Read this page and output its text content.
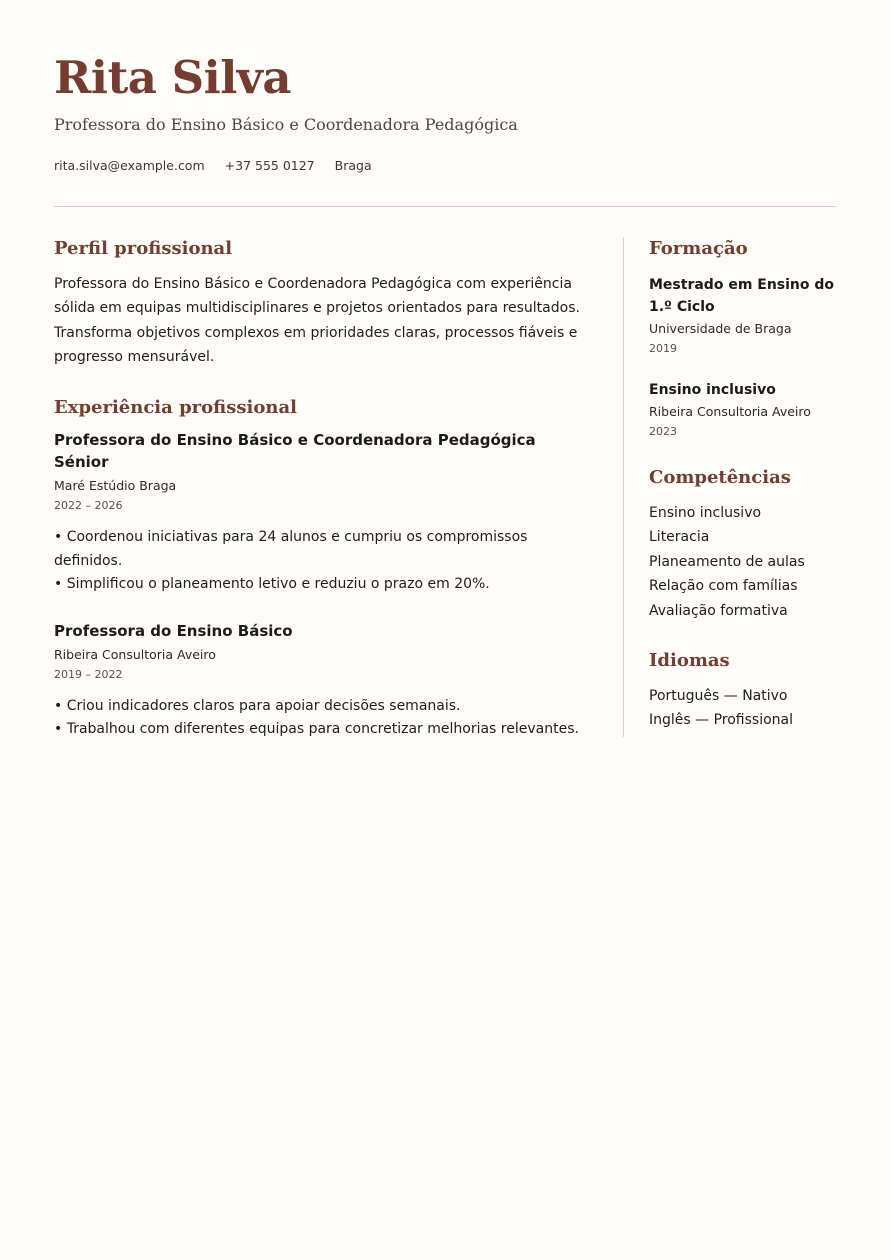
Rita Silva
Professora do Ensino Básico e Coordenadora Pedagógica
rita.silva@example.com +37 555 0127 Braga
Perfil profissional

Professora do Ensino Básico e Coordenadora Pedagógica com experiência sólida em equipas multidisciplinares e projetos orientados para resultados. Transforma objetivos complexos em prioridades claras, processos fiáveis e progresso mensurável.

Experiência profissional
Professora do Ensino Básico e Coordenadora Pedagógica Sénior
Maré Estúdio Braga
2022 – 2026
• Coordenou iniciativas para 24 alunos e cumpriu os compromissos definidos.
• Simplificou o planeamento letivo e reduziu o prazo em 20%.
Professora do Ensino Básico
Ribeira Consultoria Aveiro
2019 – 2022
• Criou indicadores claros para apoiar decisões semanais.
• Trabalhou com diferentes equipas para concretizar melhorias relevantes.
Formação
Mestrado em Ensino do 1.º Ciclo
Universidade de Braga
2019
Ensino inclusivo
Ribeira Consultoria Aveiro
2023
Competências
Ensino inclusivo
Literacia
Planeamento de aulas
Relação com famílias
Avaliação formativa
Idiomas
Português — Nativo
Inglês — Profissional
